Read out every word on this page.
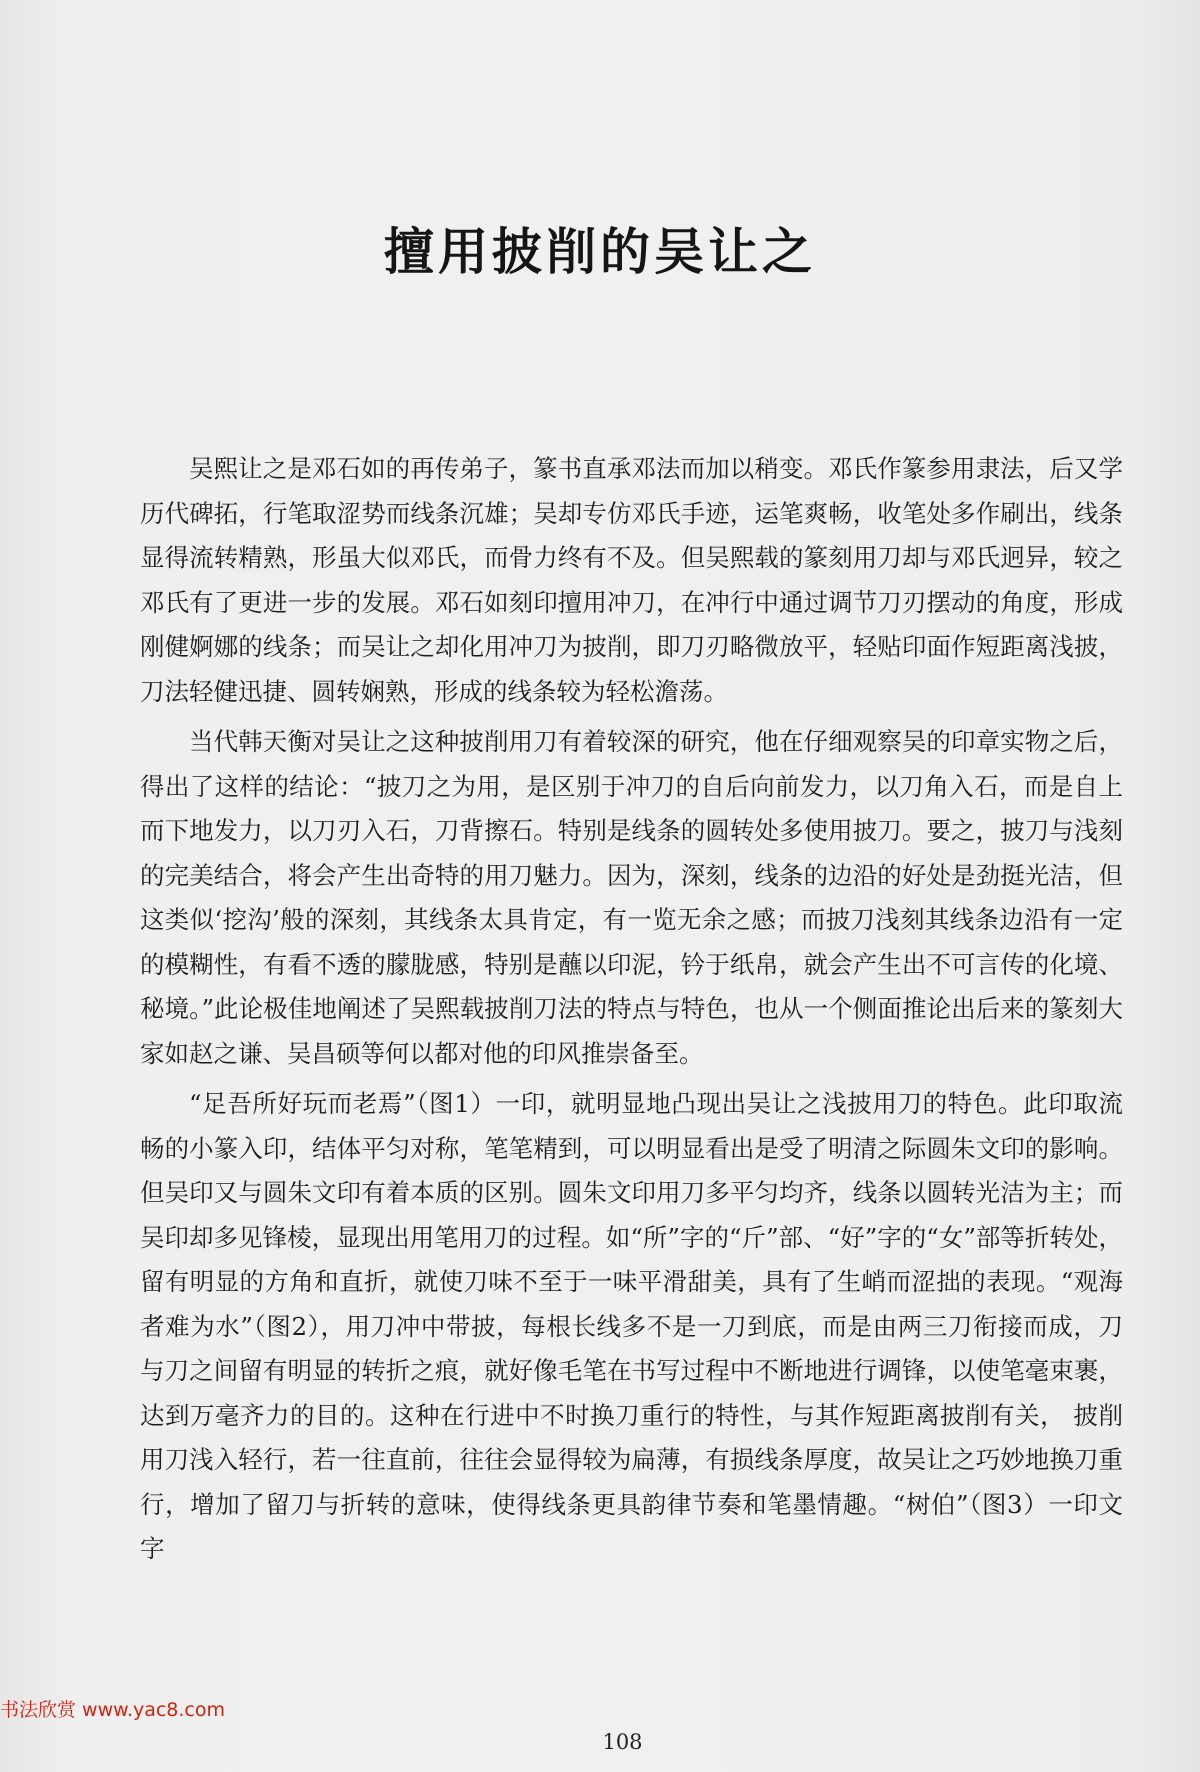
擅用披削的吴让之

吴熙让之是邓石如的再传弟子，篆书直承邓法而加以稍变。邓氏作篆参用隶法，后又学历代碑拓，行笔取涩势而线条沉雄；吴却专仿邓氏手迹，运笔爽畅，收笔处多作刷出，线条显得流转精熟，形虽大似邓氏，而骨力终有不及。但吴熙载的篆刻用刀却与邓氏迥异，较之邓氏有了更进一步的发展。邓石如刻印擅用冲刀，在冲行中通过调节刀刃摆动的角度，形成刚健婀娜的线条；而吴让之却化用冲刀为披削，即刀刃略微放平，轻贴印面作短距离浅披，刀法轻健迅捷、圆转娴熟，形成的线条较为轻松澹荡。

当代韩天衡对吴让之这种披削用刀有着较深的研究，他在仔细观察吴的印章实物之后，得出了这样的结论：“披刀之为用，是区别于冲刀的自后向前发力，以刀角入石，而是自上而下地发力，以刀刃入石，刀背擦石。特别是线条的圆转处多使用披刀。要之，披刀与浅刻的完美结合，将会产生出奇特的用刀魅力。因为，深刻，线条的边沿的好处是劲挺光洁，但这类似‘挖沟’般的深刻，其线条太具肯定，有一览无余之感；而披刀浅刻其线条边沿有一定的模糊性，有看不透的朦胧感，特别是蘸以印泥，钤于纸帛，就会产生出不可言传的化境、秘境。”此论极佳地阐述了吴熙载披削刀法的特点与特色，也从一个侧面推论出后来的篆刻大家如赵之谦、吴昌硕等何以都对他的印风推崇备至。

“足吾所好玩而老焉”（图1）一印，就明显地凸现出吴让之浅披用刀的特色。此印取流畅的小篆入印，结体平匀对称，笔笔精到，可以明显看出是受了明清之际圆朱文印的影响。但吴印又与圆朱文印有着本质的区别。圆朱文印用刀多平匀均齐，线条以圆转光洁为主；而吴印却多见锋棱，显现出用笔用刀的过程。如“所”字的“斤”部、“好”字的“女”部等折转处，留有明显的方角和直折，就使刀味不至于一味平滑甜美，具有了生峭而涩拙的表现。“观海者难为水”（图2），用刀冲中带披，每根长线多不是一刀到底，而是由两三刀衔接而成，刀与刀之间留有明显的转折之痕，就好像毛笔在书写过程中不断地进行调锋，以使笔毫束裹，达到万毫齐力的目的。这种在行进中不时换刀重行的特性，与其作短距离披削有关， 披削用刀浅入轻行，若一往直前，往往会显得较为扁薄，有损线条厚度，故吴让之巧妙地换刀重行，增加了留刀与折转的意味，使得线条更具韵律节奏和笔墨情趣。“树伯”（图3）一印文字

书法欣赏 www.yac8.com
108
